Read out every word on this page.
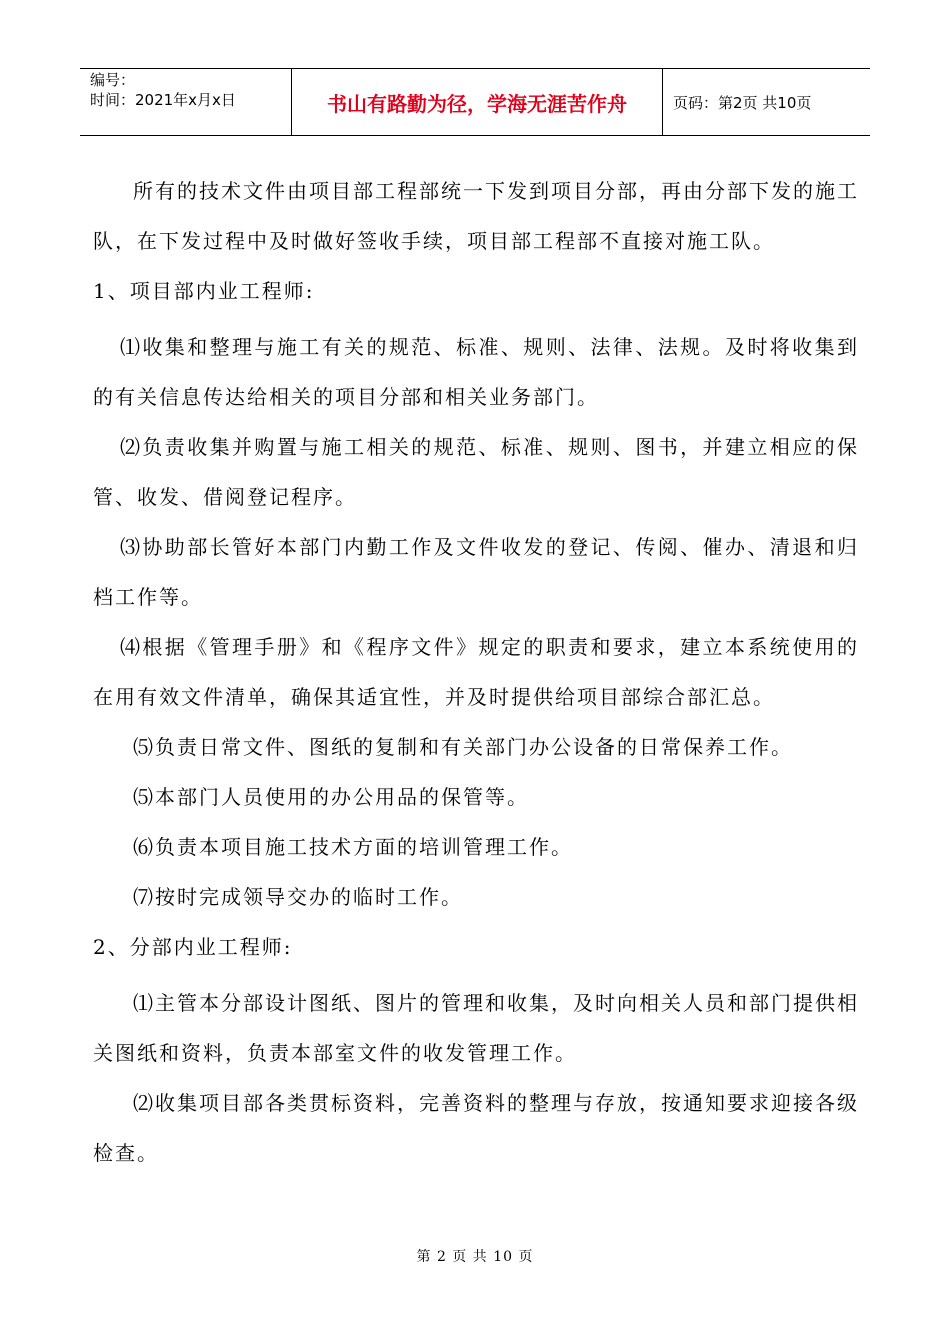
编号：
时间：2021年x月x日	书山有路勤为径，学海无涯苦作舟	页码：第2页 共10页

所有的技术文件由项目部工程部统一下发到项目分部，再由分部下发的施工队，在下发过程中及时做好签收手续，项目部工程部不直接对施工队。

1、项目部内业工程师:

⑴收集和整理与施工有关的规范、标准、规则、法律、法规。及时将收集到的有关信息传达给相关的项目分部和相关业务部门。

⑵负责收集并购置与施工相关的规范、标准、规则、图书，并建立相应的保管、收发、借阅登记程序。

⑶协助部长管好本部门内勤工作及文件收发的登记、传阅、催办、清退和归档工作等。

⑷根据《管理手册》和《程序文件》规定的职责和要求，建立本系统使用的在用有效文件清单，确保其适宜性，并及时提供给项目部综合部汇总。

⑸负责日常文件、图纸的复制和有关部门办公设备的日常保养工作。

⑸本部门人员使用的办公用品的保管等。

⑹负责本项目施工技术方面的培训管理工作。

⑺按时完成领导交办的临时工作。

2、分部内业工程师:

⑴主管本分部设计图纸、图片的管理和收集，及时向相关人员和部门提供相关图纸和资料，负责本部室文件的收发管理工作。

⑵收集项目部各类贯标资料，完善资料的整理与存放，按通知要求迎接各级检查。

第 2 页 共 10 页
